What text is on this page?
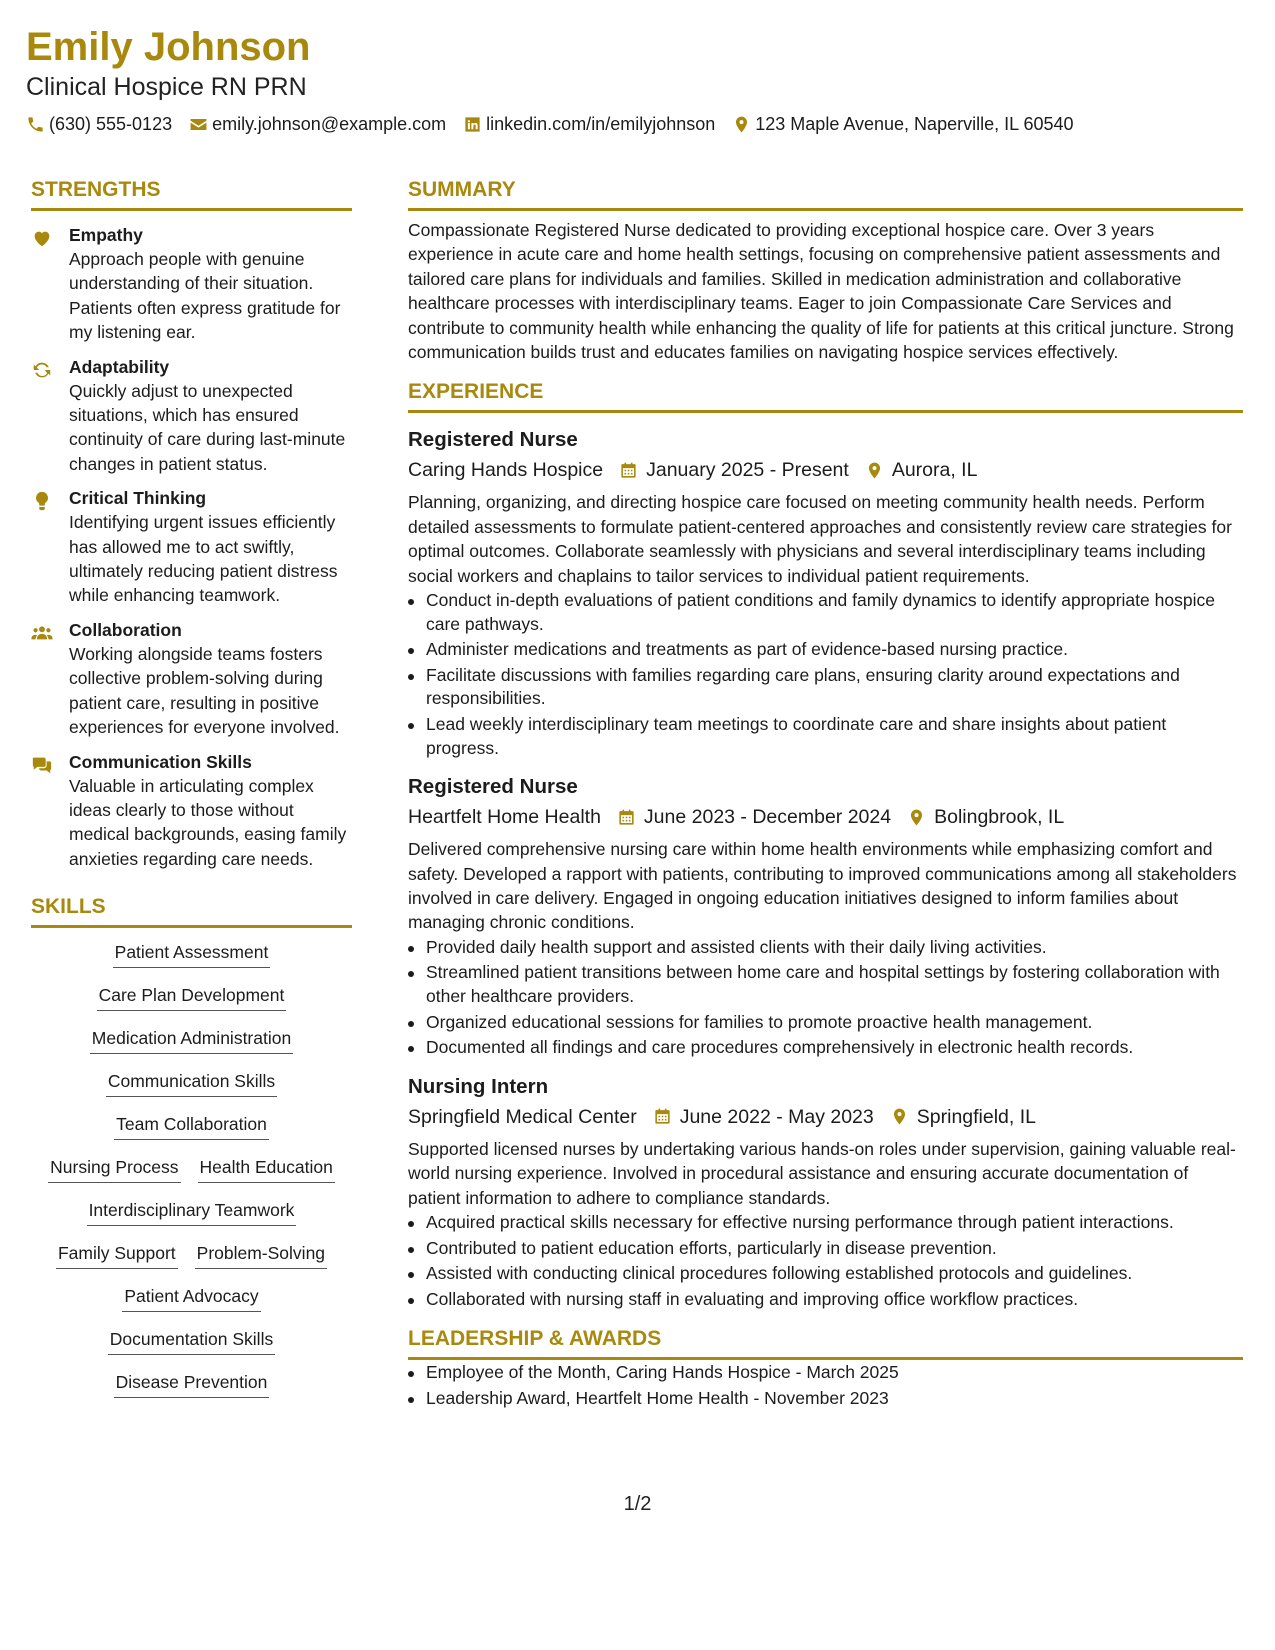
Emily Johnson
Clinical Hospice RN PRN
(630) 555-0123 emily.johnson@example.com linkedin.com/in/emilyjohnson 123 Maple Avenue, Naperville, IL 60540
STRENGTHS
Empathy
Approach people with genuine understanding of their situation. Patients often express gratitude for my listening ear.
Adaptability
Quickly adjust to unexpected situations, which has ensured continuity of care during last-minute changes in patient status.
Critical Thinking
Identifying urgent issues efficiently has allowed me to act swiftly, ultimately reducing patient distress while enhancing teamwork.
Collaboration
Working alongside teams fosters collective problem-solving during patient care, resulting in positive experiences for everyone involved.
Communication Skills
Valuable in articulating complex ideas clearly to those without medical backgrounds, easing family anxieties regarding care needs.
SKILLS
Patient Assessment
Care Plan Development
Medication Administration
Communication Skills
Team Collaboration
Nursing Process Health Education
Interdisciplinary Teamwork
Family Support Problem-Solving
Patient Advocacy
Documentation Skills
Disease Prevention
SUMMARY
Compassionate Registered Nurse dedicated to providing exceptional hospice care. Over 3 years experience in acute care and home health settings, focusing on comprehensive patient assessments and tailored care plans for individuals and families. Skilled in medication administration and collaborative healthcare processes with interdisciplinary teams. Eager to join Compassionate Care Services and contribute to community health while enhancing the quality of life for patients at this critical juncture. Strong communication builds trust and educates families on navigating hospice services effectively.
EXPERIENCE
Registered Nurse
Caring Hands Hospice January 2025 - Present Aurora, IL
Planning, organizing, and directing hospice care focused on meeting community health needs. Perform detailed assessments to formulate patient-centered approaches and consistently review care strategies for optimal outcomes. Collaborate seamlessly with physicians and several interdisciplinary teams including social workers and chaplains to tailor services to individual patient requirements.
Conduct in-depth evaluations of patient conditions and family dynamics to identify appropriate hospice care pathways.
Administer medications and treatments as part of evidence-based nursing practice.
Facilitate discussions with families regarding care plans, ensuring clarity around expectations and responsibilities.
Lead weekly interdisciplinary team meetings to coordinate care and share insights about patient progress.
Registered Nurse
Heartfelt Home Health June 2023 - December 2024 Bolingbrook, IL
Delivered comprehensive nursing care within home health environments while emphasizing comfort and safety. Developed a rapport with patients, contributing to improved communications among all stakeholders involved in care delivery. Engaged in ongoing education initiatives designed to inform families about managing chronic conditions.
Provided daily health support and assisted clients with their daily living activities.
Streamlined patient transitions between home care and hospital settings by fostering collaboration with other healthcare providers.
Organized educational sessions for families to promote proactive health management.
Documented all findings and care procedures comprehensively in electronic health records.
Nursing Intern
Springfield Medical Center June 2022 - May 2023 Springfield, IL
Supported licensed nurses by undertaking various hands-on roles under supervision, gaining valuable real-world nursing experience. Involved in procedural assistance and ensuring accurate documentation of patient information to adhere to compliance standards.
Acquired practical skills necessary for effective nursing performance through patient interactions.
Contributed to patient education efforts, particularly in disease prevention.
Assisted with conducting clinical procedures following established protocols and guidelines.
Collaborated with nursing staff in evaluating and improving office workflow practices.
LEADERSHIP & AWARDS
Employee of the Month, Caring Hands Hospice - March 2025
Leadership Award, Heartfelt Home Health - November 2023
1/2
